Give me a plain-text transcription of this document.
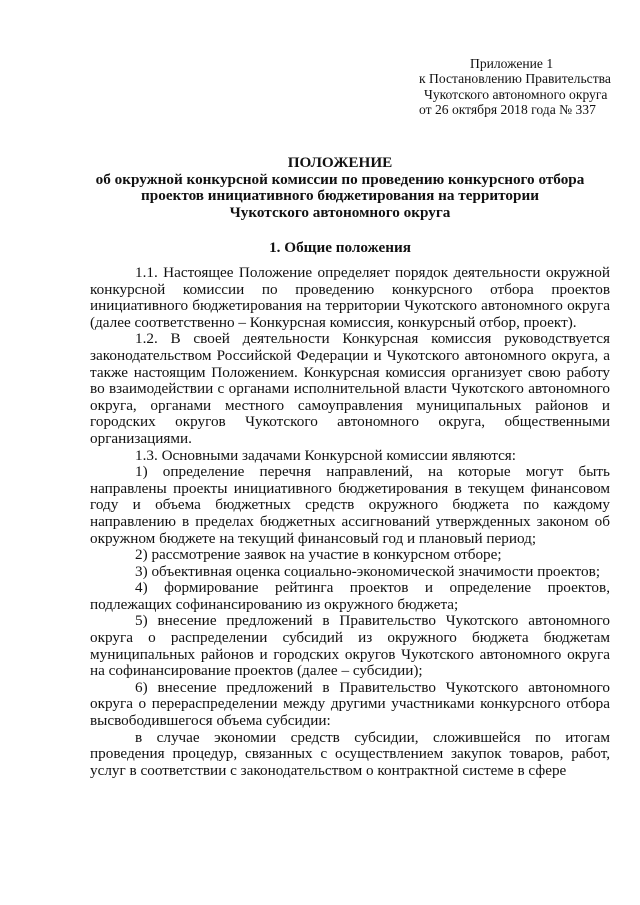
Приложение 1
к Постановлению Правительства
Чукотского автономного округа
от 26 октября 2018 года № 337
ПОЛОЖЕНИЕ
об окружной конкурсной комиссии по проведению конкурсного отбора
проектов инициативного бюджетирования на территории
Чукотского автономного округа
1. Общие положения

1.1. Настоящее Положение определяет порядок деятельности окружной конкурсной комиссии по проведению конкурсного отбора проектов инициативного бюджетирования на территории Чукотского автономного округа (далее соответственно – Конкурсная комиссия, конкурсный отбор, проект).

1.2. В своей деятельности Конкурсная комиссия руководствуется законодательством Российской Федерации и Чукотского автономного округа, а также настоящим Положением. Конкурсная комиссия организует свою работу во взаимодействии с органами исполнительной власти Чукотского автономного округа, органами местного самоуправления муниципальных районов и городских округов Чукотского автономного округа, общественными организациями.

1.3. Основными задачами Конкурсной комиссии являются:

1) определение перечня направлений, на которые могут быть направлены проекты инициативного бюджетирования в текущем финансовом году и объема бюджетных средств окружного бюджета по каждому направлению в пределах бюджетных ассигнований утвержденных законом об окружном бюджете на текущий финансовый год и плановый период;

2) рассмотрение заявок на участие в конкурсном отборе;

3) объективная оценка социально-экономической значимости проектов;

4) формирование рейтинга проектов и определение проектов, подлежащих софинансированию из окружного бюджета;

5) внесение предложений в Правительство Чукотского автономного округа о распределении субсидий из окружного бюджета бюджетам муниципальных районов и городских округов Чукотского автономного округа на софинансирование проектов (далее – субсидии);

6) внесение предложений в Правительство Чукотского автономного округа о перераспределении между другими участниками конкурсного отбора высвободившегося объема субсидии:

в случае экономии средств субсидии, сложившейся по итогам проведения процедур, связанных с осуществлением закупок товаров, работ, услуг в соответствии с законодательством о контрактной системе в сфере
